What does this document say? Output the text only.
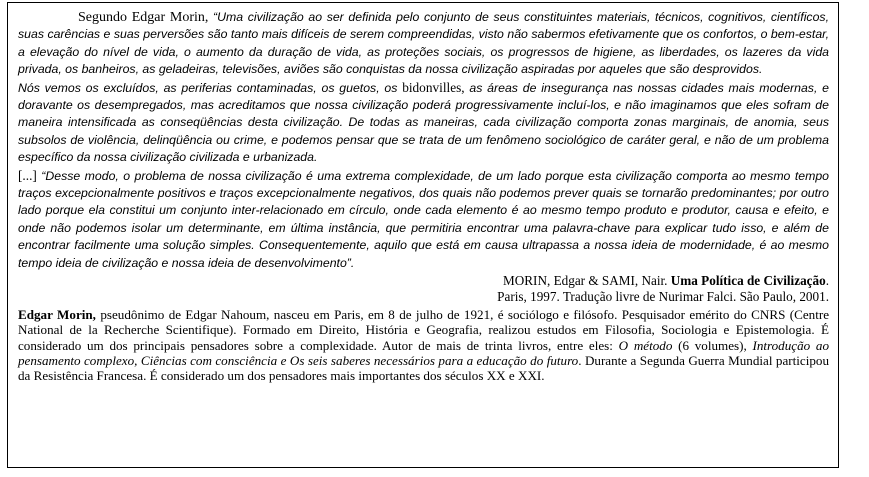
Segundo Edgar Morin, “Uma civilização ao ser definida pelo conjunto de seus constituintes materiais, técnicos, cognitivos, científicos, suas carências e suas perversões são tanto mais difíceis de serem compreendidas, visto não sabermos efetivamente que os confortos, o bem-estar, a elevação do nível de vida, o aumento da duração de vida, as proteções sociais, os progressos de higiene, as liberdades, os lazeres da vida privada, os banheiros, as geladeiras, televisões, aviões são conquistas da nossa civilização aspiradas por aqueles que são desprovidos.

Nós vemos os excluídos, as periferias contaminadas, os guetos, os bidonvilles, as áreas de insegurança nas nossas cidades mais modernas, e doravante os desempregados, mas acreditamos que nossa civilização poderá progressivamente incluí-los, e não imaginamos que eles sofram de maneira intensificada as conseqüências desta civilização. De todas as maneiras, cada civilização comporta zonas marginais, de anomia, seus subsolos de violência, delinqüência ou crime, e podemos pensar que se trata de um fenômeno sociológico de caráter geral, e não de um problema específico da nossa civilização civilizada e urbanizada.

[...] “Desse modo, o problema de nossa civilização é uma extrema complexidade, de um lado porque esta civilização comporta ao mesmo tempo traços excepcionalmente positivos e traços excepcionalmente negativos, dos quais não podemos prever quais se tornarão predominantes; por outro lado porque ela constitui um conjunto inter-relacionado em círculo, onde cada elemento é ao mesmo tempo produto e produtor, causa e efeito, e onde não podemos isolar um determinante, em última instância, que permitiria encontrar uma palavra-chave para explicar tudo isso, e além de encontrar facilmente uma solução simples. Consequentemente, aquilo que está em causa ultrapassa a nossa ideia de modernidade, é ao mesmo tempo ideia de civilização e nossa ideia de desenvolvimento”.

MORIN, Edgar & SAMI, Nair. Uma Política de Civilização.
Paris, 1997. Tradução livre de Nurimar Falci. São Paulo, 2001.

Edgar Morin, pseudônimo de Edgar Nahoum, nasceu em Paris, em 8 de julho de 1921, é sociólogo e filósofo. Pesquisador emérito do CNRS (Centre National de la Recherche Scientifique). Formado em Direito, História e Geografia, realizou estudos em Filosofia, Sociologia e Epistemologia. É considerado um dos principais pensadores sobre a complexidade. Autor de mais de trinta livros, entre eles: O método (6 volumes), Introdução ao pensamento complexo, Ciências com consciência e Os seis saberes necessários para a educação do futuro. Durante a Segunda Guerra Mundial participou da Resistência Francesa. É considerado um dos pensadores mais importantes dos séculos XX e XXI.
